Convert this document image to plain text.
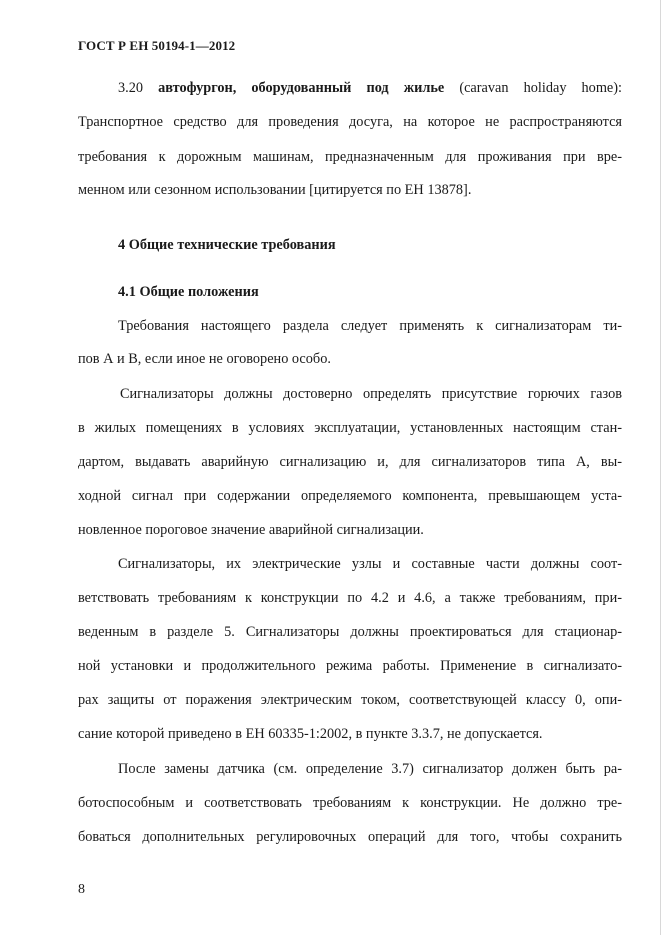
ГОСТ Р ЕН 50194-1—2012
3.20 автофургон, оборудованный под жилье (caravan holiday home):
Транспортное средство для проведения досуга, на которое не распространяются
требования к дорожным машинам, предназначенным для проживания при вре-
менном или сезонном использовании [цитируется по ЕН 13878].
4 Общие технические требования
4.1 Общие положения
Требования настоящего раздела следует применять к сигнализаторам ти-
пов А и В, если иное не оговорено особо.
Сигнализаторы должны достоверно определять присутствие горючих газов
в жилых помещениях в условиях эксплуатации, установленных настоящим стан-
дартом, выдавать аварийную сигнализацию и, для сигнализаторов типа А, вы-
ходной сигнал при содержании определяемого компонента, превышающем уста-
новленное пороговое значение аварийной сигнализации.
Сигнализаторы, их электрические узлы и составные части должны соот-
ветствовать требованиям к конструкции по 4.2 и 4.6, а также требованиям, при-
веденным в разделе 5. Сигнализаторы должны проектироваться для стационар-
ной установки и продолжительного режима работы. Применение в сигнализато-
рах защиты от поражения электрическим током, соответствующей классу 0, опи-
сание которой приведено в ЕН 60335-1:2002, в пункте 3.3.7, не допускается.
После замены датчика (см. определение 3.7) сигнализатор должен быть ра-
ботоспособным и соответствовать требованиям к конструкции. Не должно тре-
боваться дополнительных регулировочных операций для того, чтобы сохранить
8
